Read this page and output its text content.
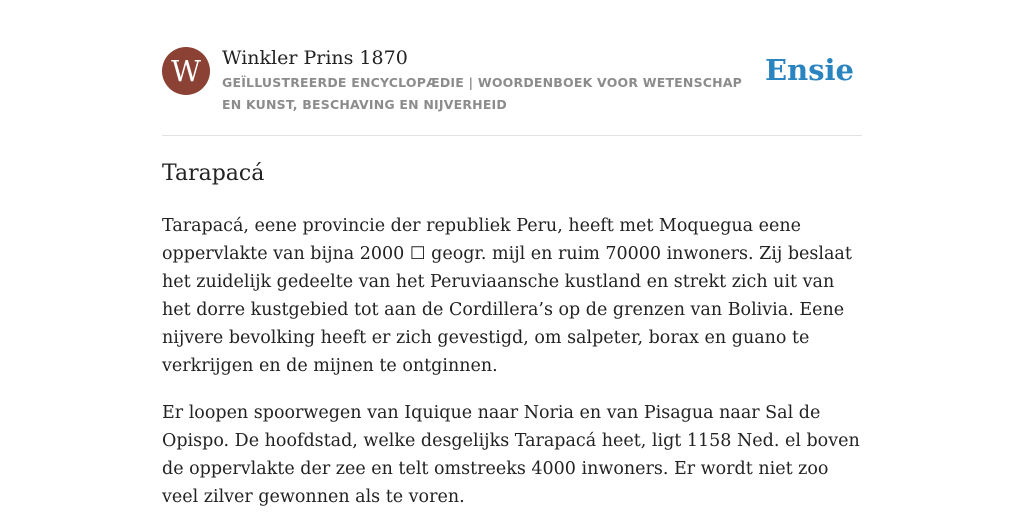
W	Winkler Prins 1870
GEÏLLUSTREERDE ENCYCLOPÆDIE | WOORDENBOEK VOOR WETENSCHAP EN KUNST, BESCHAVING EN NIJVERHEID
Ensie
Tarapacá

Tarapacá, eene provincie der republiek Peru, heeft met Moquegua eene oppervlakte van bijna 2000 ☐ geogr. mijl en ruim 70000 inwoners. Zij beslaat het zuidelijk gedeelte van het Peruviaansche kustland en strekt zich uit van het dorre kustgebied tot aan de Cordillera’s op de grenzen van Bolivia. Eene nijvere bevolking heeft er zich gevestigd, om salpeter, borax en guano te verkrijgen en de mijnen te ontginnen.

Er loopen spoorwegen van Iquique naar Noria en van Pisagua naar Sal de Opispo. De hoofdstad, welke desgelijks Tarapacá heet, ligt 1158 Ned. el boven de oppervlakte der zee en telt omstreeks 4000 inwoners. Er wordt niet zoo veel zilver gewonnen als te voren.
